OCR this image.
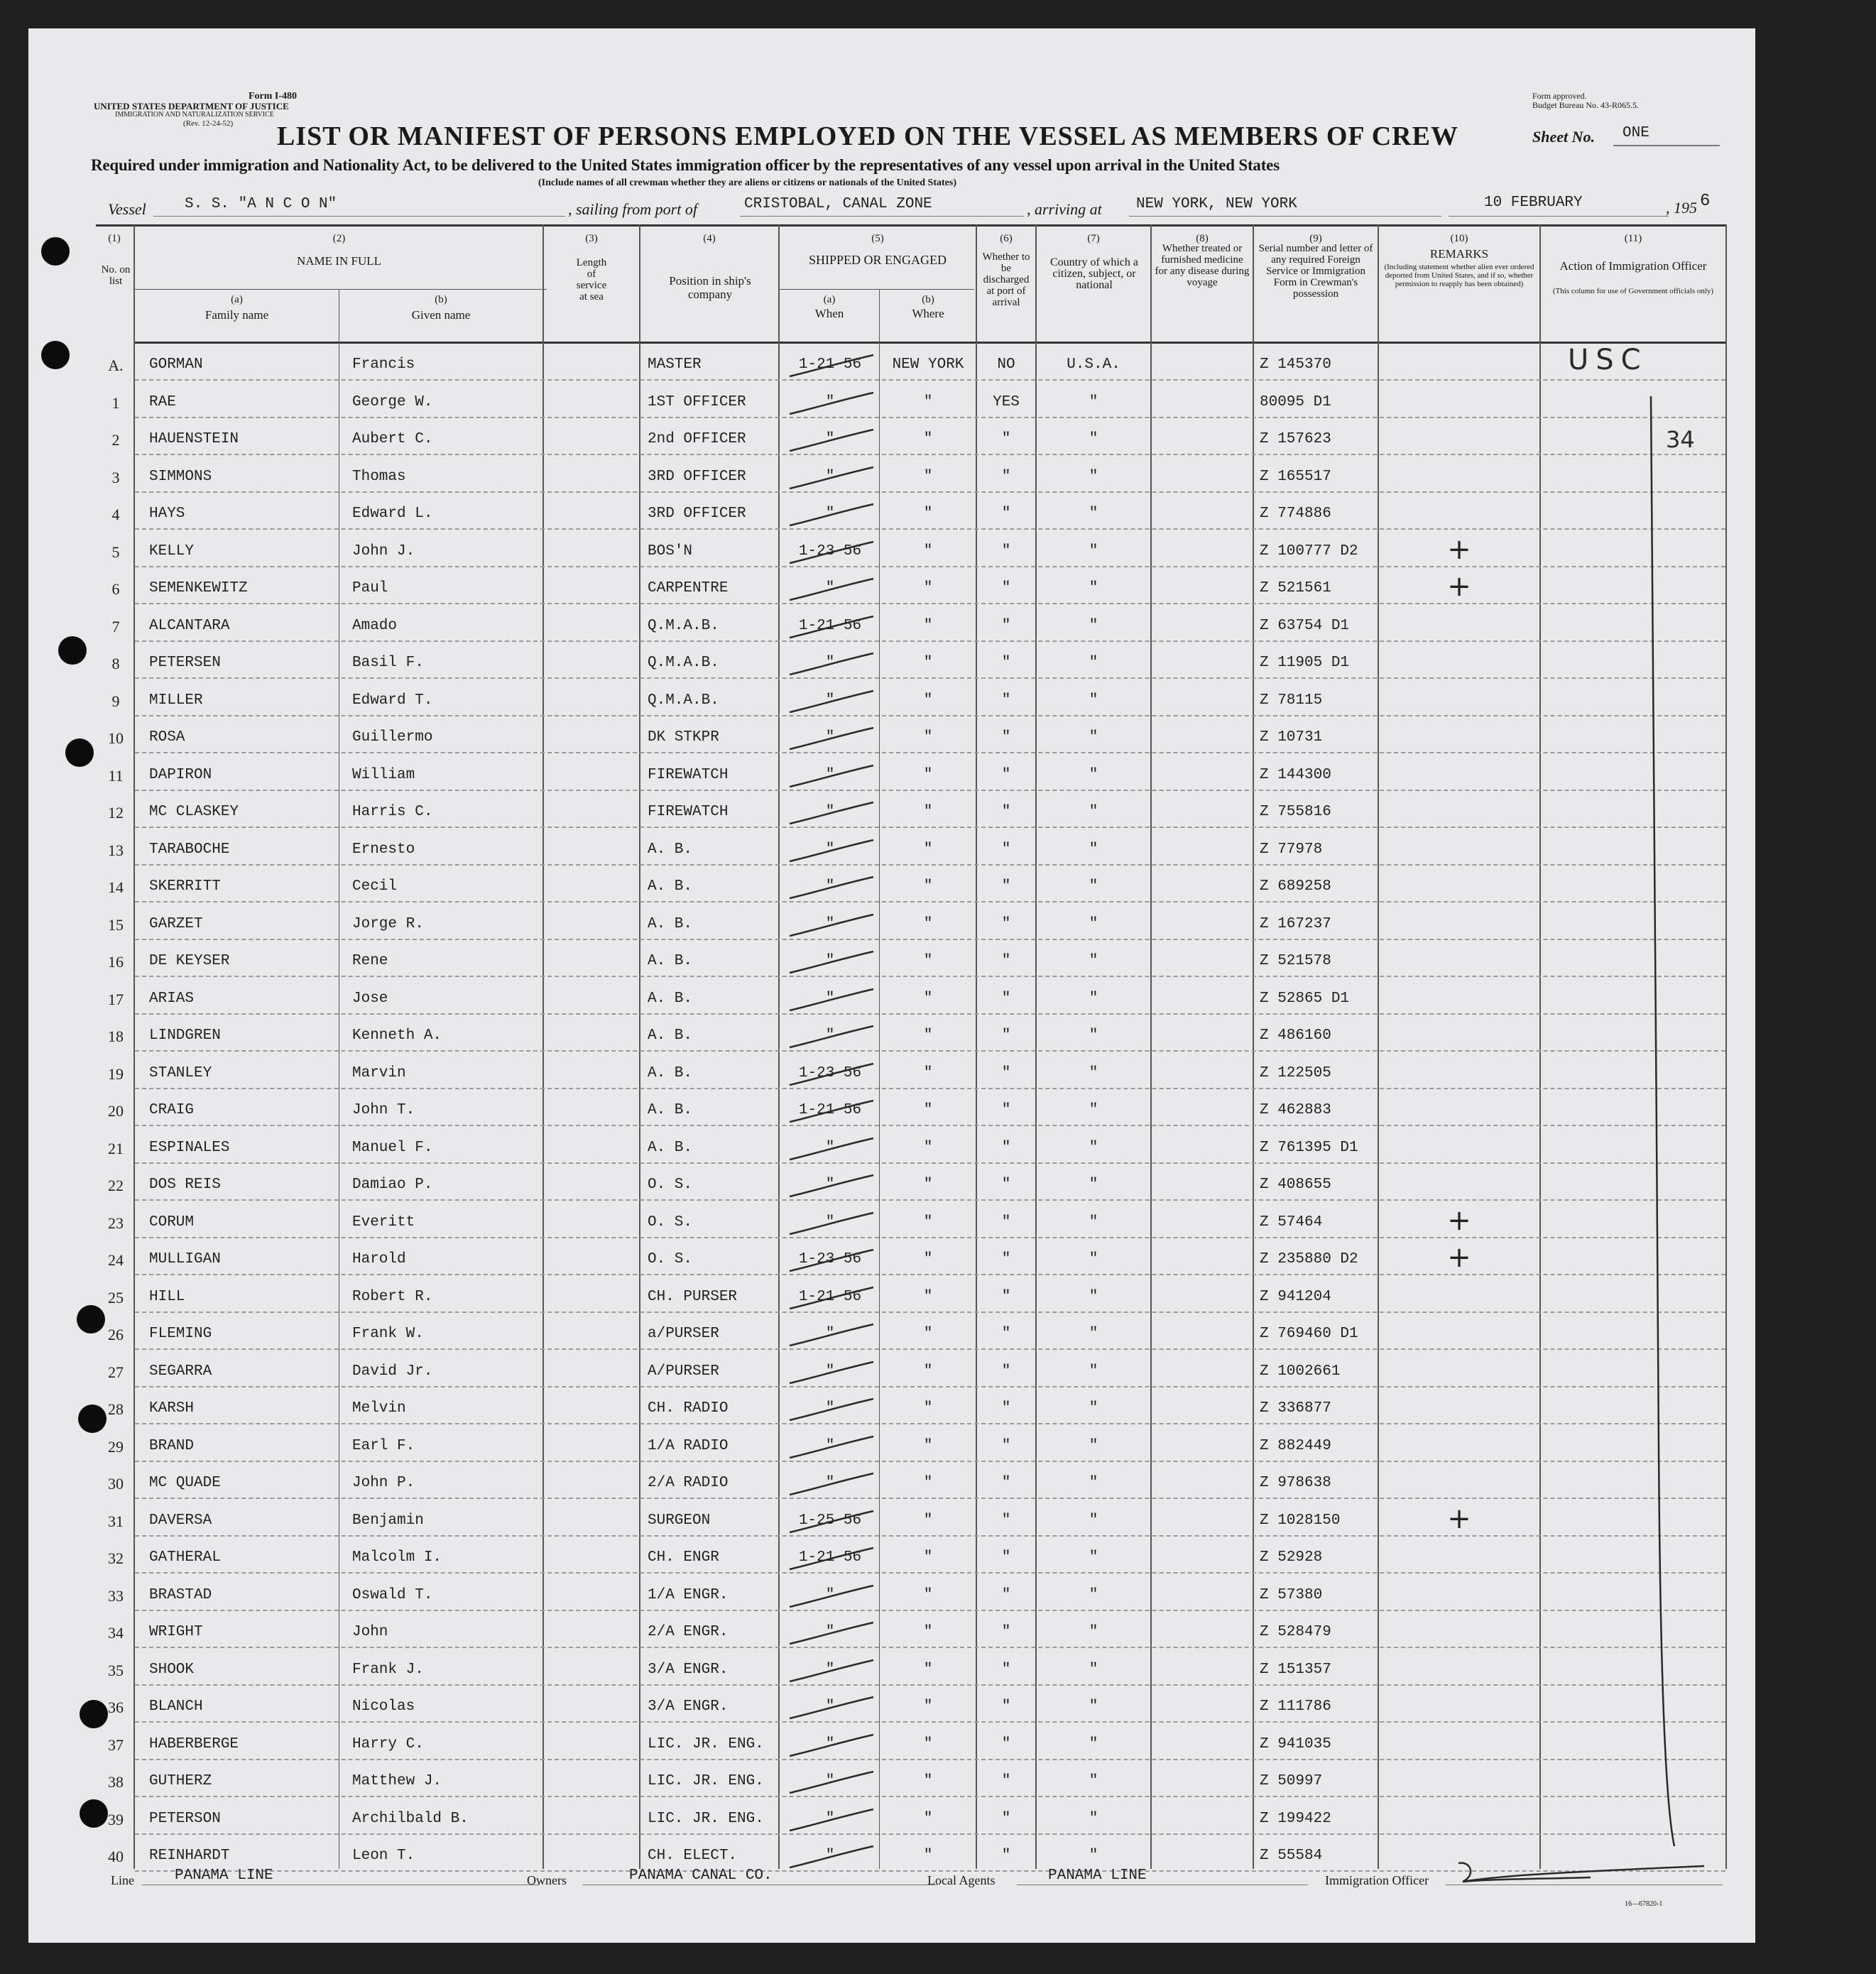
Form I-480
UNITED STATES DEPARTMENT OF JUSTICE
IMMIGRATION AND NATURALIZATION SERVICE
(Rev. 12-24-52)
Form approved.
Budget Bureau No. 43-R065.5.
LIST OR MANIFEST OF PERSONS EMPLOYED ON THE VESSEL AS MEMBERS OF CREW	Sheet No. ONE
Required under immigration and Nationality Act, to be delivered to the United States immigration officer by the representatives of any vessel upon arrival in the United States
(Include names of all crewman whether they are aliens or citizens or nationals of the United States)
Vessel	S. S. "A N C O N"	, sailing from port of	CRISTOBAL, CANAL ZONE	, arriving at NEW YORK, NEW YORK	10 FEBRUARY	, 195 6
(1)
No. on list
(2)
NAME IN FULL
(a)
Family name
(b)
Given name
(3)
Length of service at sea
(4)
Position in ship's company
(5)
SHIPPED OR ENGAGED
(a)
When
(b)
Where
(6)
Whether to be discharged at port of arrival
(7)
Country of which a citizen, subject, or national
(8)
Whether treated or furnished medicine for any disease during voyage
(9)
Serial number and letter of any required Foreign Service or Immigration Form in Crewman's possession
(10)
REMARKS
(Including statement whether alien ever ordered deported from United States, and if so, whether permission to reapply has been obtained)
(11)
Action of Immigration Officer
(This column for use of Government officials only)
A.	GORMAN	Francis	MASTER	1-21-56	NEW YORK	NO	U.S.A.	Z 145370
1	RAE	George W.	1ST OFFICER	"	"	YES	"	80095 D1
2	HAUENSTEIN	Aubert C.	2nd OFFICER	"	"	"	"	Z 157623
3	SIMMONS	Thomas	3RD OFFICER	"	"	"	"	Z 165517
4	HAYS	Edward L.	3RD OFFICER	"	"	"	"	Z 774886
5	KELLY	John J.	BOS'N	1-23-56	"	"	"	Z 100777 D2	+
6	SEMENKEWITZ	Paul	CARPENTRE	"	"	"	"	Z 521561	+
7	ALCANTARA	Amado	Q.M.A.B.	1-21-56	"	"	"	Z 63754 D1
8	PETERSEN	Basil F.	Q.M.A.B.	"	"	"	"	Z 11905 D1
9	MILLER	Edward T.	Q.M.A.B.	"	"	"	"	Z 78115
10	ROSA	Guillermo	DK STKPR	"	"	"	"	Z 10731
11	DAPIRON	William	FIREWATCH	"	"	"	"	Z 144300
12	MC CLASKEY	Harris C.	FIREWATCH	"	"	"	"	Z 755816
13	TARABOCHE	Ernesto	A. B.	"	"	"	"	Z 77978
14	SKERRITT	Cecil	A. B.	"	"	"	"	Z 689258
15	GARZET	Jorge R.	A. B.	"	"	"	"	Z 167237
16	DE KEYSER	Rene	A. B.	"	"	"	"	Z 521578
17	ARIAS	Jose	A. B.	"	"	"	"	Z 52865 D1
18	LINDGREN	Kenneth A.	A. B.	"	"	"	"	Z 486160
19	STANLEY	Marvin	A. B.	1-23-56	"	"	"	Z 122505
20	CRAIG	John T.	A. B.	1-21-56	"	"	"	Z 462883
21	ESPINALES	Manuel F.	A. B.	"	"	"	"	Z 761395 D1
22	DOS REIS	Damiao P.	O. S.	"	"	"	"	Z 408655
23	CORUM	Everitt	O. S.	"	"	"	"	Z 57464	+
24	MULLIGAN	Harold	O. S.	1-23-56	"	"	"	Z 235880 D2	+
25	HILL	Robert R.	CH. PURSER	1-21-56	"	"	"	Z 941204
26	FLEMING	Frank W.	a/PURSER	"	"	"	"	Z 769460 D1
27	SEGARRA	David Jr.	A/PURSER	"	"	"	"	Z 1002661
28	KARSH	Melvin	CH. RADIO	"	"	"	"	Z 336877
29	BRAND	Earl F.	1/A RADIO	"	"	"	"	Z 882449
30	MC QUADE	John P.	2/A RADIO	"	"	"	"	Z 978638
31	DAVERSA	Benjamin	SURGEON	1-25-56	"	"	"	Z 1028150	+
32	GATHERAL	Malcolm I.	CH. ENGR	1-21-56	"	"	"	Z 52928
33	BRASTAD	Oswald T.	1/A ENGR.	"	"	"	"	Z 57380
34	WRIGHT	John	2/A ENGR.	"	"	"	"	Z 528479
35	SHOOK	Frank J.	3/A ENGR.	"	"	"	"	Z 151357
36	BLANCH	Nicolas	3/A ENGR.	"	"	"	"	Z 111786
37	HABERBERGE	Harry C.	LIC. JR. ENG.	"	"	"	"	Z 941035
38	GUTHERZ	Matthew J.	LIC. JR. ENG.	"	"	"	"	Z 50997
39	PETERSON	Archilbald B.	LIC. JR. ENG.	"	"	"	"	Z 199422
40	REINHARDT	Leon T.	CH. ELECT.	"	"	"	"	Z 55584
USC
34
Line	PANAMA LINE	Owners	PANAMA CANAL CO.	Local Agents	PANAMA LINE	Immigration Officer
16—67820-1
